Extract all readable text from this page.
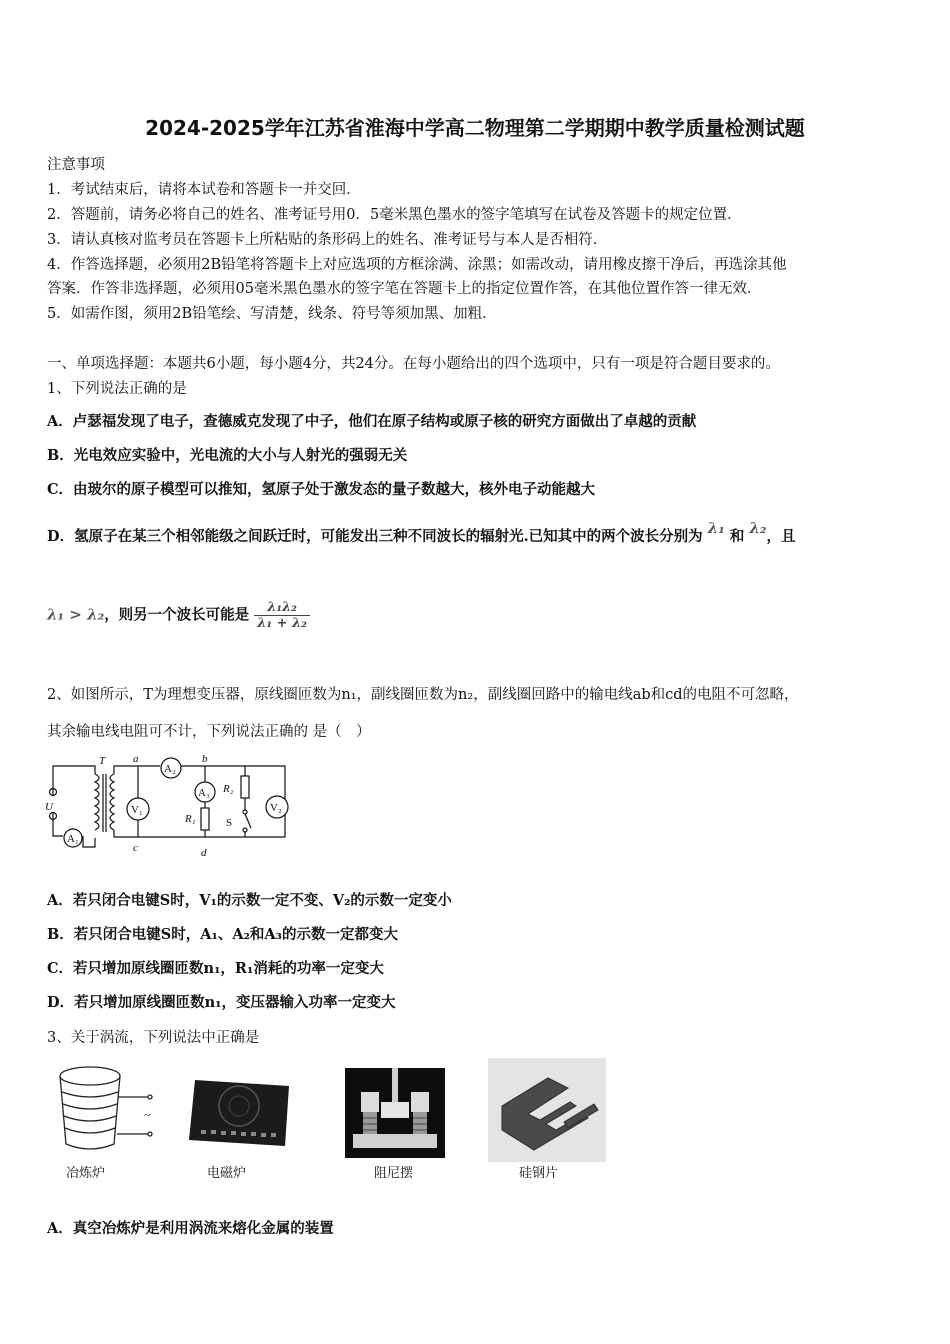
2024-2025学年江苏省淮海中学高二物理第二学期期中教学质量检测试题
注意事项
1．考试结束后，请将本试卷和答题卡一并交回．
2．答题前，请务必将自己的姓名、准考证号用0．5毫米黑色墨水的签字笔填写在试卷及答题卡的规定位置．
3．请认真核对监考员在答题卡上所粘贴的条形码上的姓名、准考证号与本人是否相符．
4．作答选择题，必须用2B铅笔将答题卡上对应选项的方框涂满、涂黑；如需改动，请用橡皮擦干净后，再选涂其他
答案．作答非选择题，必须用05毫米黑色墨水的签字笔在答题卡上的指定位置作答，在其他位置作答一律无效．
5．如需作图，须用2B铅笔绘、写清楚，线条、符号等须加黑、加粗．
一、单项选择题：本题共6小题，每小题4分，共24分。在每小题给出的四个选项中，只有一项是符合题目要求的。
1、下列说法正确的是
A．卢瑟福发现了电子，查德威克发现了中子，他们在原子结构或原子核的研究方面做出了卓越的贡献
B．光电效应实验中，光电流的大小与人射光的强弱无关
C．由玻尔的原子模型可以推知，氢原子处于激发态的量子数越大，核外电子动能越大
D．氢原子在某三个相邻能级之间跃迁时，可能发出三种不同波长的辐射光.已知其中的两个波长分别为 λ₁ 和 λ₂，且
λ₁ > λ₂，则另一个波长可能是 $\frac{\text{λ₁λ₂}}{\text{λ₁ + λ₂}}$
2、如图所示，T为理想变压器，原线圈匝数为n₁，副线圈匝数为n₂，副线圈回路中的输电线ab和cd的电阻不可忽略，
其余输电线电阻可不计，下列说法正确的 是（　）
U
A₁
T
V₁
a
c
A₂
b
A₃
R₁
d
R₂
S
V₂
A．若只闭合电键S时，V₁的示数一定不变、V₂的示数一定变小
B．若只闭合电键S时，A₁、A₂和A₃的示数一定都变大
C．若只增加原线圈匝数n₁，R₁消耗的功率一定变大
D．若只增加原线圈匝数n₁，变压器输入功率一定变大
3、关于涡流，下列说法中正确是
~
冶炼炉	电磁炉	阻尼摆	硅钢片
A．真空冶炼炉是利用涡流来熔化金属的装置
